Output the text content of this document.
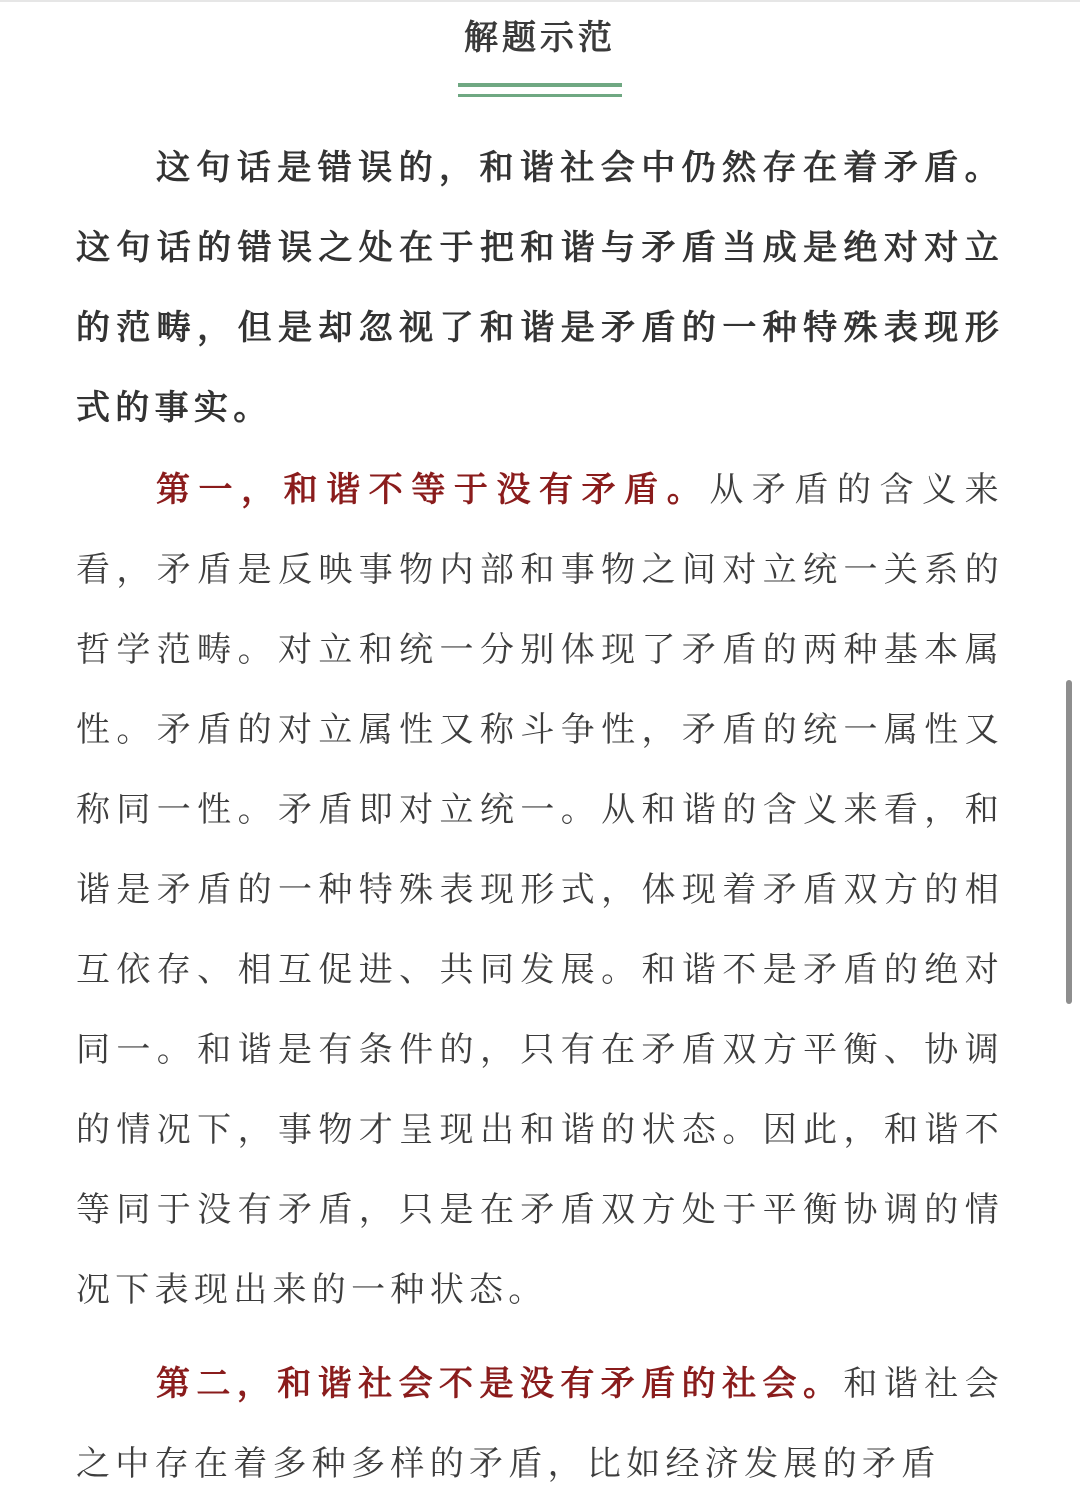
解题示范

这句话是错误的，和谐社会中仍然存在着矛盾。这句话的错误之处在于把和谐与矛盾当成是绝对对立的范畴，但是却忽视了和谐是矛盾的一种特殊表现形式的事实。

第一，和谐不等于没有矛盾。从矛盾的含义来看，矛盾是反映事物内部和事物之间对立统一关系的哲学范畴。对立和统一分别体现了矛盾的两种基本属性。矛盾的对立属性又称斗争性，矛盾的统一属性又称同一性。矛盾即对立统一。从和谐的含义来看，和谐是矛盾的一种特殊表现形式，体现着矛盾双方的相互依存、相互促进、共同发展。和谐不是矛盾的绝对同一。和谐是有条件的，只有在矛盾双方平衡、协调的情况下，事物才呈现出和谐的状态。因此，和谐不等同于没有矛盾，只是在矛盾双方处于平衡协调的情况下表现出来的一种状态。

第二，和谐社会不是没有矛盾的社会。和谐社会之中存在着多种多样的矛盾，比如经济发展的矛盾
